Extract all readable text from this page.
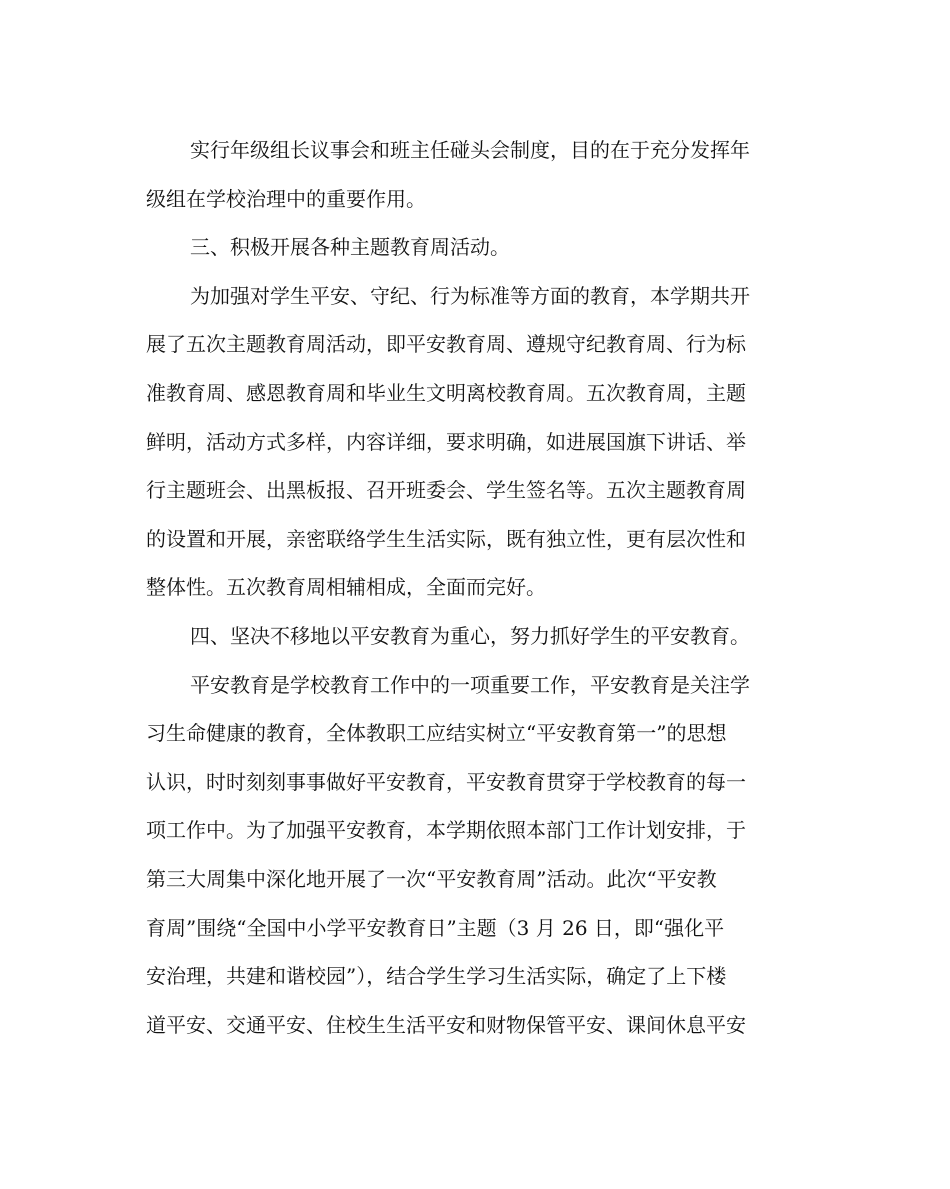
实行年级组长议事会和班主任碰头会制度，目的在于充分发挥年
级组在学校治理中的重要作用。
三、积极开展各种主题教育周活动。
为加强对学生平安、守纪、行为标准等方面的教育，本学期共开
展了五次主题教育周活动，即平安教育周、遵规守纪教育周、行为标
准教育周、感恩教育周和毕业生文明离校教育周。五次教育周，主题
鲜明，活动方式多样，内容详细，要求明确，如进展国旗下讲话、举
行主题班会、出黑板报、召开班委会、学生签名等。五次主题教育周
的设置和开展，亲密联络学生生活实际，既有独立性，更有层次性和
整体性。五次教育周相辅相成，全面而完好。
四、坚决不移地以平安教育为重心，努力抓好学生的平安教育。
平安教育是学校教育工作中的一项重要工作，平安教育是关注学
习生命健康的教育，全体教职工应结实树立“平安教育第一”的思想
认识，时时刻刻事事做好平安教育，平安教育贯穿于学校教育的每一
项工作中。为了加强平安教育，本学期依照本部门工作计划安排，于
第三大周集中深化地开展了一次“平安教育周”活动。此次“平安教
育周”围绕“全国中小学平安教育日”主题（3 月 26 日，即“强化平
安治理，共建和谐校园”），结合学生学习生活实际，确定了上下楼
道平安、交通平安、住校生生活平安和财物保管平安、课间休息平安
